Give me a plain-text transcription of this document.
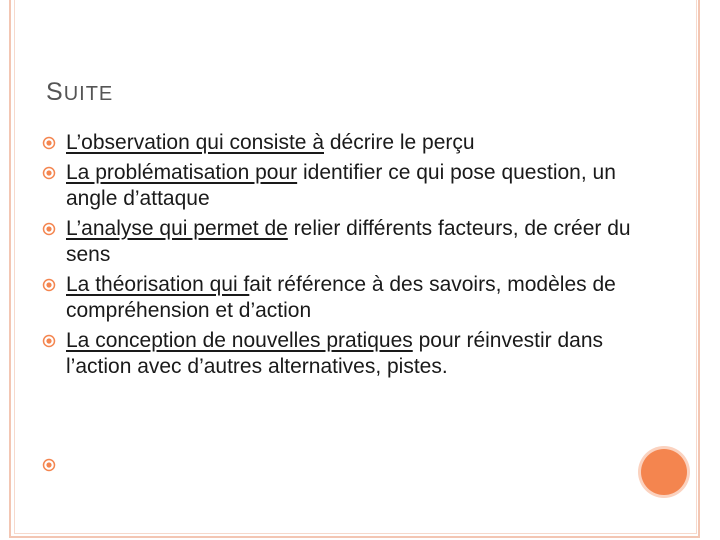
SUITE
L’observation qui consiste à décrire le perçu
La problématisation pour identifier ce qui pose question, un angle d’attaque
L’analyse qui permet de relier différents facteurs, de créer du sens
La théorisation qui fait référence à des savoirs, modèles de compréhension et d’action
La conception de nouvelles pratiques pour réinvestir dans l’action avec d’autres alternatives, pistes.
